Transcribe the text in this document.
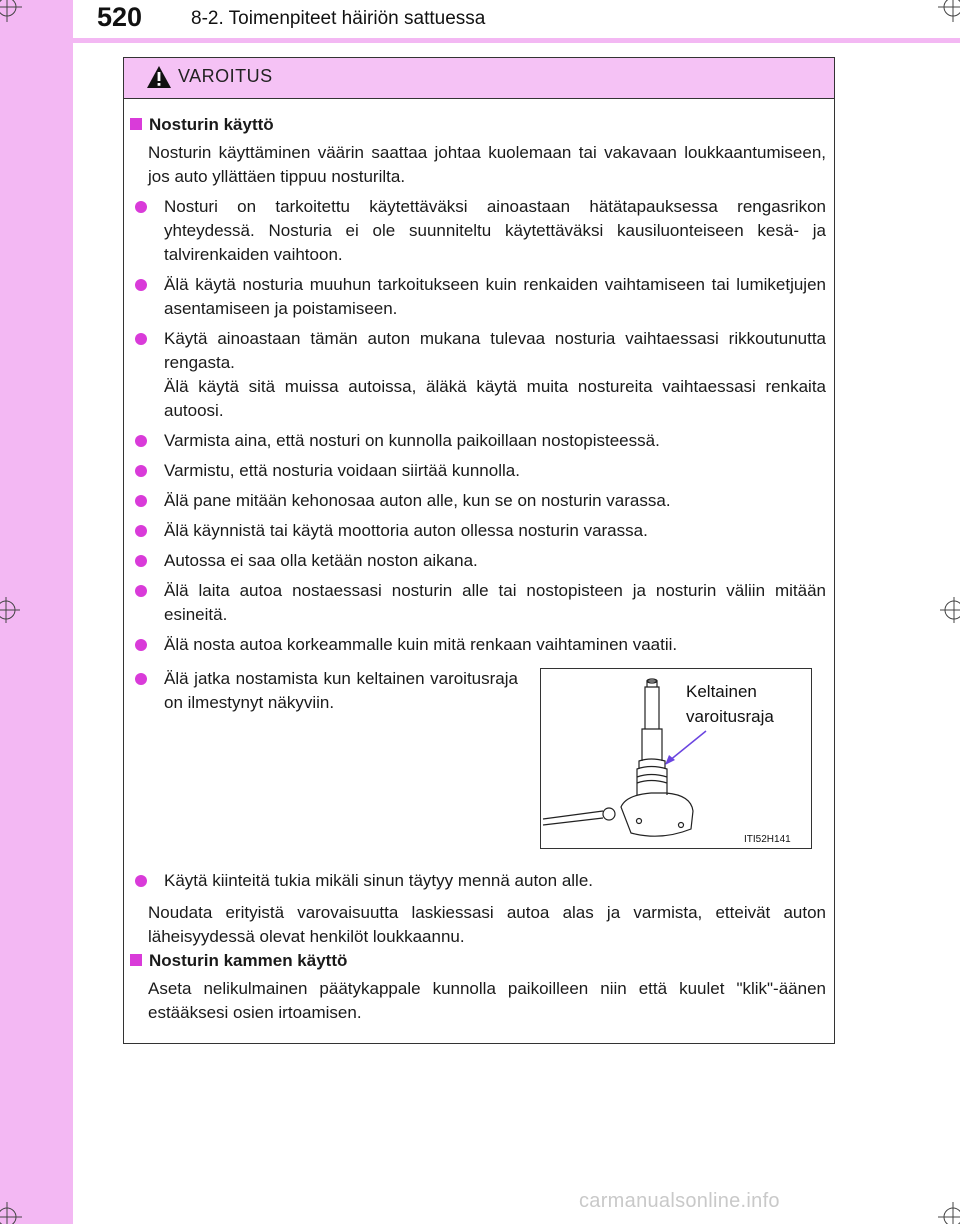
520	8-2. Toimenpiteet häiriön sattuessa
VAROITUS
Nosturin käyttö
Nosturin käyttäminen väärin saattaa johtaa kuolemaan tai vakavaan loukkaantumiseen, jos auto yllättäen tippuu nosturilta.
Nosturi on tarkoitettu käytettäväksi ainoastaan hätätapauksessa rengasrikon yhteydessä. Nosturia ei ole suunniteltu käytettäväksi kausiluonteiseen kesä- ja talvirenkaiden vaihtoon.
Älä käytä nosturia muuhun tarkoitukseen kuin renkaiden vaihtamiseen tai lumiketjujen asentamiseen ja poistamiseen.
Käytä ainoastaan tämän auton mukana tulevaa nosturia vaihtaessasi rikkoutunutta rengasta.
Älä käytä sitä muissa autoissa, äläkä käytä muita nostureita vaihtaessasi renkaita autoosi.
Varmista aina, että nosturi on kunnolla paikoillaan nostopisteessä.
Varmistu, että nosturia voidaan siirtää kunnolla.
Älä pane mitään kehonosaa auton alle, kun se on nosturin varassa.
Älä käynnistä tai käytä moottoria auton ollessa nosturin varassa.
Autossa ei saa olla ketään noston aikana.
Älä laita autoa nostaessasi nosturin alle tai nostopisteen ja nosturin väliin mitään esineitä.
Älä nosta autoa korkeammalle kuin mitä renkaan vaihtaminen vaatii.
Älä jatka nostamista kun keltainen varoitusraja on ilmestynyt näkyviin.
Käytä kiinteitä tukia mikäli sinun täytyy mennä auton alle.
Noudata erityistä varovaisuutta laskiessasi autoa alas ja varmista, etteivät auton läheisyydessä olevat henkilöt loukkaannu.
Nosturin kammen käyttö
Aseta nelikulmainen päätykappale kunnolla paikoilleen niin että kuulet "klik"-äänen estääksesi osien irtoamisen.
Keltainen
varoitusraja
ITI52H141
carmanualsonline.info
